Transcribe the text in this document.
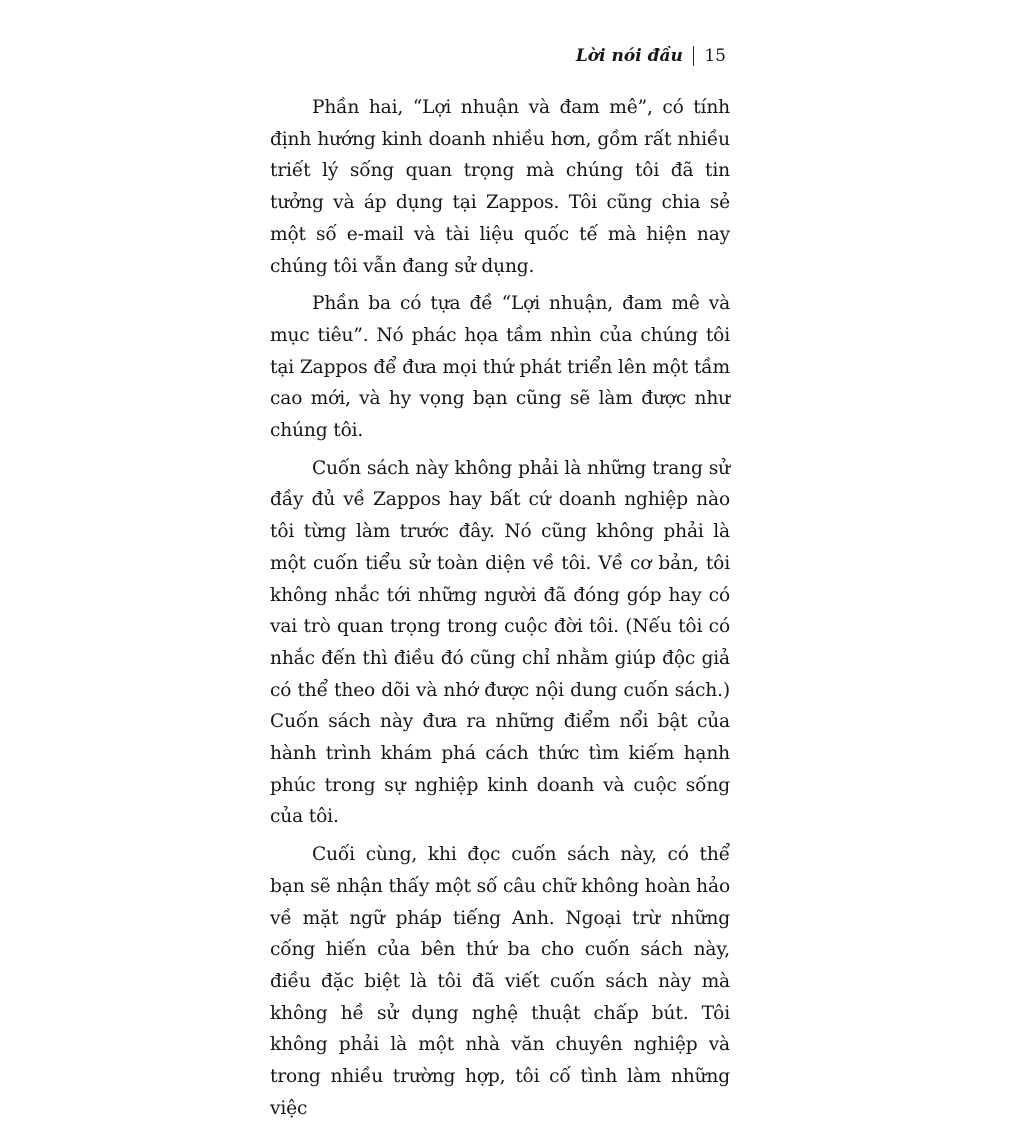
Lời nói đầu 15

Phần hai, “Lợi nhuận và đam mê”, có tính định hướng kinh doanh nhiều hơn, gồm rất nhiều triết lý sống quan trọng mà chúng tôi đã tin tưởng và áp dụng tại Zappos. Tôi cũng chia sẻ một số e-mail và tài liệu quốc tế mà hiện nay chúng tôi vẫn đang sử dụng.

Phần ba có tựa đề “Lợi nhuận, đam mê và mục tiêu”. Nó phác họa tầm nhìn của chúng tôi tại Zappos để đưa mọi thứ phát triển lên một tầm cao mới, và hy vọng bạn cũng sẽ làm được như chúng tôi.

Cuốn sách này không phải là những trang sử đầy đủ về Zappos hay bất cứ doanh nghiệp nào tôi từng làm trước đây. Nó cũng không phải là một cuốn tiểu sử toàn diện về tôi. Về cơ bản, tôi không nhắc tới những người đã đóng góp hay có vai trò quan trọng trong cuộc đời tôi. (Nếu tôi có nhắc đến thì điều đó cũng chỉ nhằm giúp độc giả có thể theo dõi và nhớ được nội dung cuốn sách.) Cuốn sách này đưa ra những điểm nổi bật của hành trình khám phá cách thức tìm kiếm hạnh phúc trong sự nghiệp kinh doanh và cuộc sống của tôi.

Cuối cùng, khi đọc cuốn sách này, có thể bạn sẽ nhận thấy một số câu chữ không hoàn hảo về mặt ngữ pháp tiếng Anh. Ngoại trừ những cống hiến của bên thứ ba cho cuốn sách này, điều đặc biệt là tôi đã viết cuốn sách này mà không hề sử dụng nghệ thuật chấp bút. Tôi không phải là một nhà văn chuyên nghiệp và trong nhiều trường hợp, tôi cố tình làm những việc
